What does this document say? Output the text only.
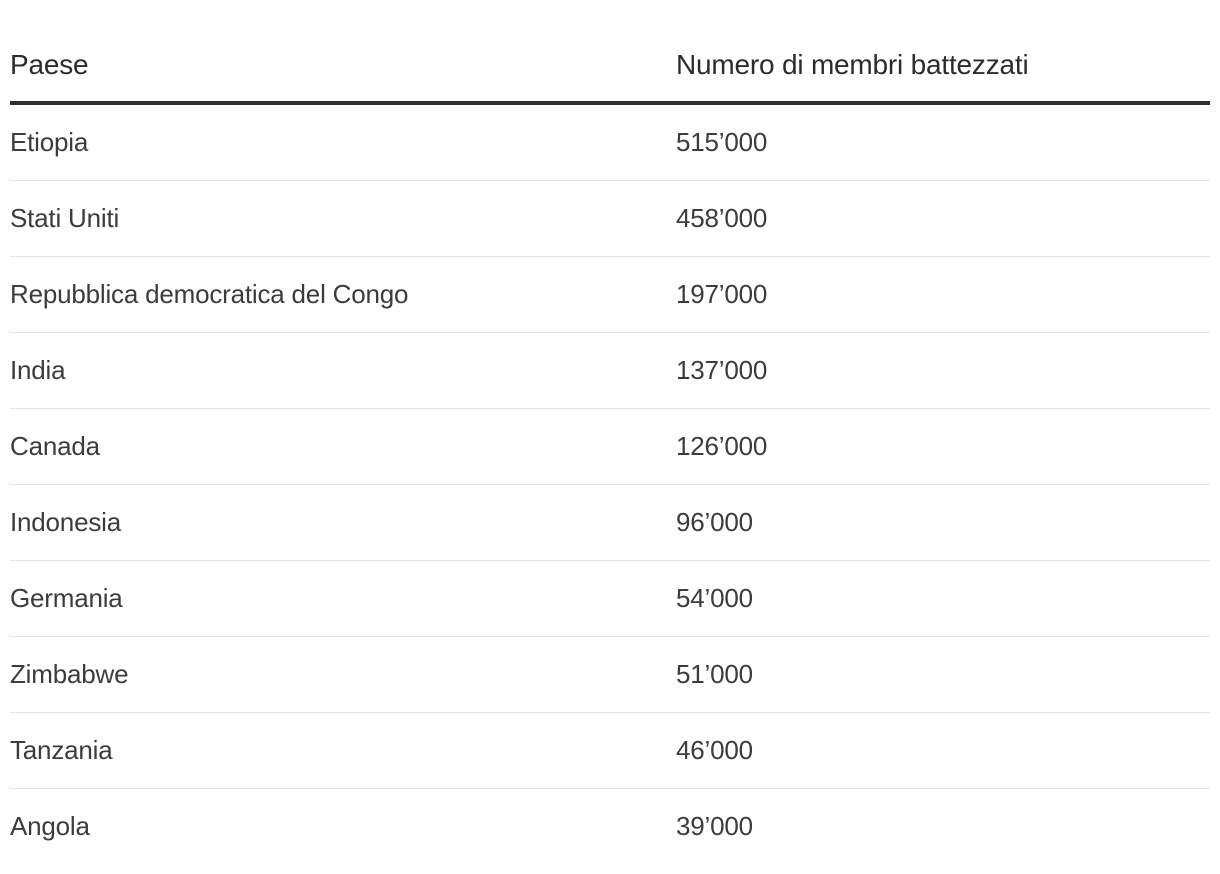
Paese	Numero di membri battezzati
Etiopia	515’000
Stati Uniti	458’000
Repubblica democratica del Congo	197’000
India	137’000
Canada	126’000
Indonesia	96’000
Germania	54’000
Zimbabwe	51’000
Tanzania	46’000
Angola	39’000
